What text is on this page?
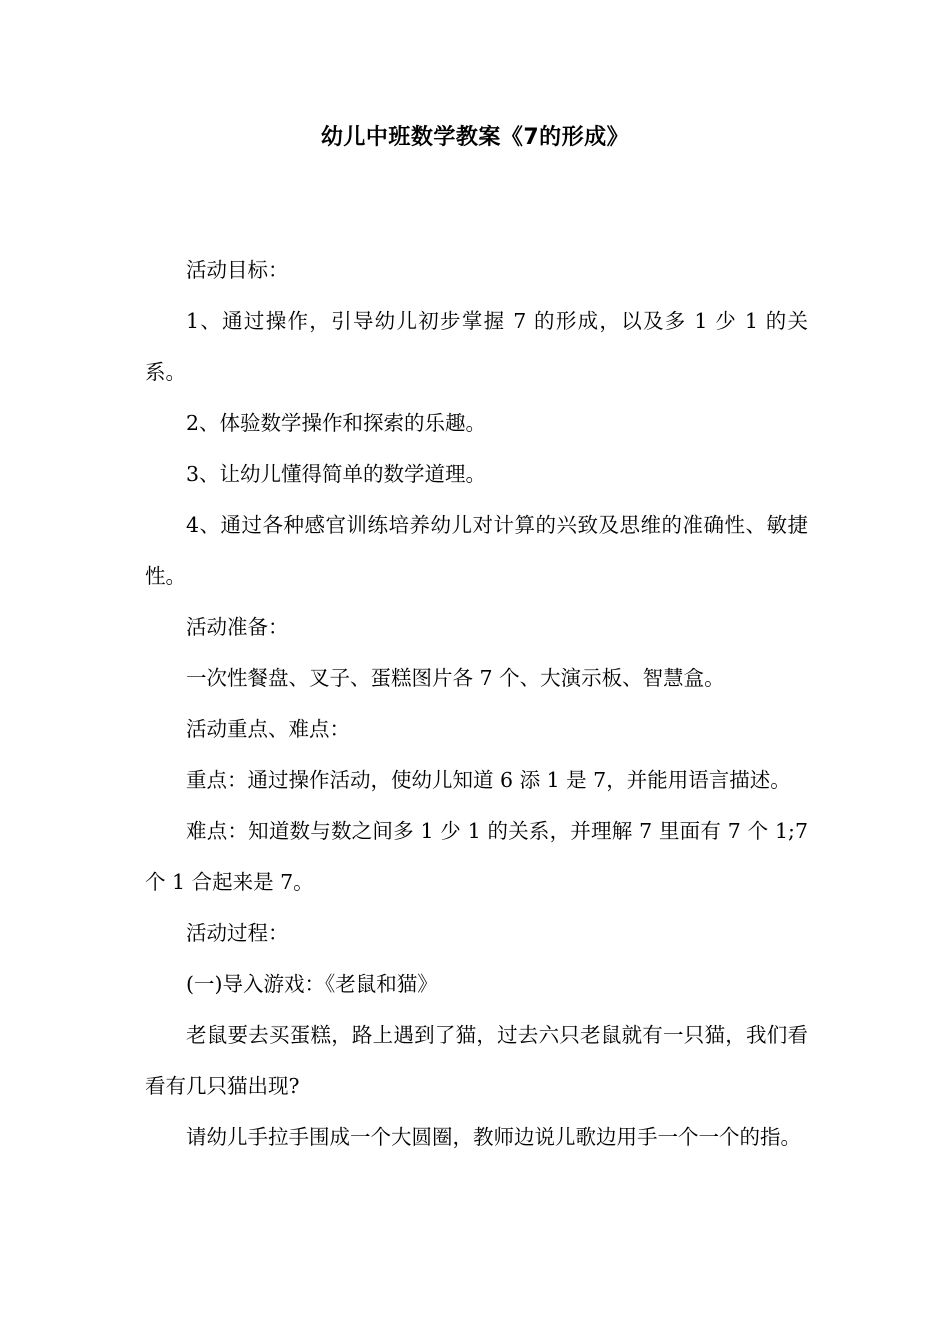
幼儿中班数学教案《7的形成》

活动目标：

1、通过操作，引导幼儿初步掌握 7 的形成，以及多 1 少 1 的关系。

2、体验数学操作和探索的乐趣。

3、让幼儿懂得简单的数学道理。

4、通过各种感官训练培养幼儿对计算的兴致及思维的准确性、敏捷性。

活动准备：

一次性餐盘、叉子、蛋糕图片各 7 个、大演示板、智慧盒。

活动重点、难点：

重点：通过操作活动，使幼儿知道 6 添 1 是 7，并能用语言描述。

难点：知道数与数之间多 1 少 1 的关系，并理解 7 里面有 7 个 1;7 个 1 合起来是 7。

活动过程：

(一)导入游戏：《老鼠和猫》

老鼠要去买蛋糕，路上遇到了猫，过去六只老鼠就有一只猫，我们看看有几只猫出现?

请幼儿手拉手围成一个大圆圈，教师边说儿歌边用手一个一个的指。
